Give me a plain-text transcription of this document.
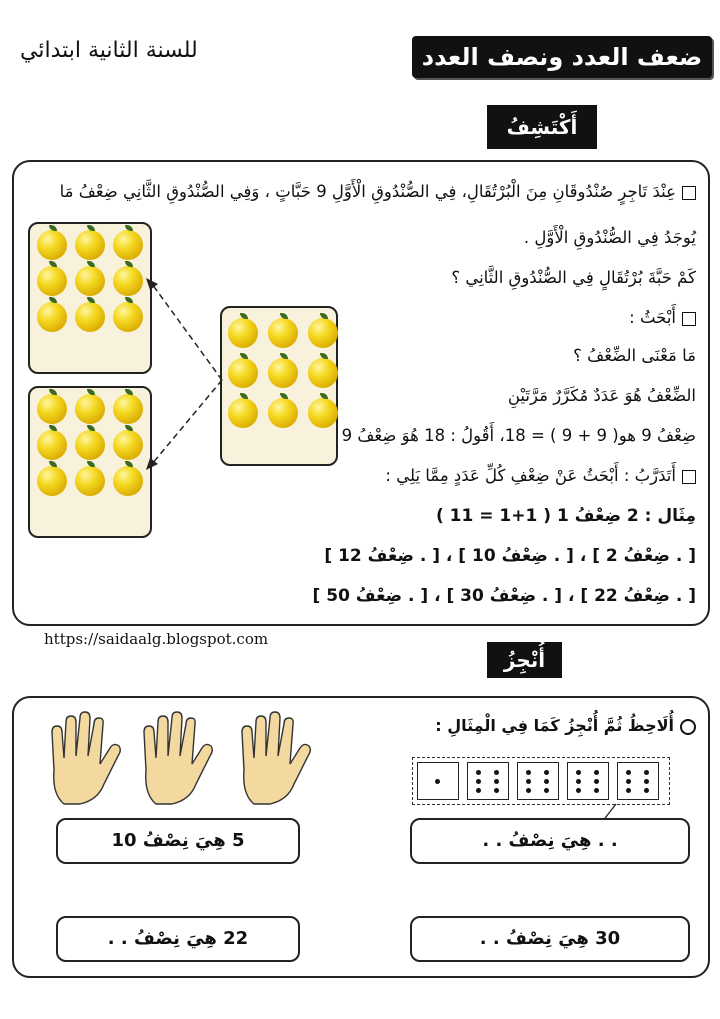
ضعف العدد ونصف العدد
للسنة الثانية ابتدائي
أَكْتَشِفُ
عِنْدَ تَاجِرٍ صُنْدُوقَانِ مِنَ الْبُرْتُقَالِ، فِي الصُّنْدُوقِ الْأَوَّلِ 9 حَبَّاتٍ ، وَفِي الصُّنْدُوقِ الثَّانِي ضِعْفُ مَا
يُوجَدُ فِي الصُّنْدُوقِ الْأَوَّلِ .
كَمْ حَبَّةَ بُرْتُقَالٍ فِي الصُّنْدُوقِ الثَّانِي ؟
أَبْحَثُ :
مَا مَعْنَى الضِّعْفُ ؟
الضِّعْفُ هُوَ عَدَدٌ مُكَرَّرٌ مَرَّتَيْنِ
ضِعْفُ 9 هو( 9 + 9 ) = 18، أَقُولُ : 18 هُوَ ضِعْفُ 9
أَتَدَرَّبُ : أَبْحَثُ عَنْ ضِعْفِ كُلِّ عَدَدٍ مِمَّا يَلِي :
مِثَال : 2 ضِعْفُ 1 ( 1+1 = 11 )
[ . ضِعْفُ 2 ] ، [ . ضِعْفُ 10 ] ، [ . ضِعْفُ 12 ]
[ . ضِعْفُ 22 ] ، [ . ضِعْفُ 30 ] ، [ . ضِعْفُ 50 ]
https://saidaalg.blogspot.com
أُنْجِزُ
أُلَاحِظُ ثُمَّ أُنْجِزُ كَمَا فِي الْمِثَالِ :
5 هِيَ نِصْفُ 10	. . هِيَ نِصْفُ . .
22 هِيَ نِصْفُ . .	30 هِيَ نِصْفُ . .
